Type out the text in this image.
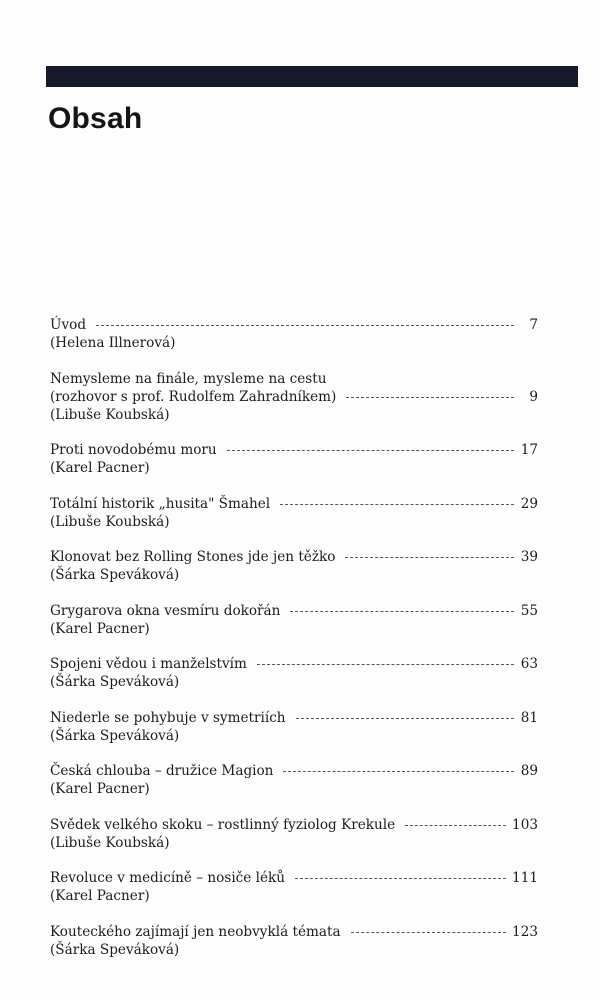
Obsah
Úvod	7
(Helena Illnerová)
Nemysleme na finále, mysleme na cestu
(rozhovor s prof. Rudolfem Zahradníkem)	9
(Libuše Koubská)
Proti novodobému moru	17
(Karel Pacner)
Totální historik „husita" Šmahel	29
(Libuše Koubská)
Klonovat bez Rolling Stones jde jen těžko	39
(Šárka Speváková)
Grygarova okna vesmíru dokořán	55
(Karel Pacner)
Spojeni vědou i manželstvím	63
(Šárka Speváková)
Niederle se pohybuje v symetriích	81
(Šárka Speváková)
Česká chlouba – družice Magion	89
(Karel Pacner)
Svědek velkého skoku – rostlinný fyziolog Krekule	103
(Libuše Koubská)
Revoluce v medicíně – nosiče léků	111
(Karel Pacner)
Kouteckého zajímají jen neobvyklá témata	123
(Šárka Speváková)
